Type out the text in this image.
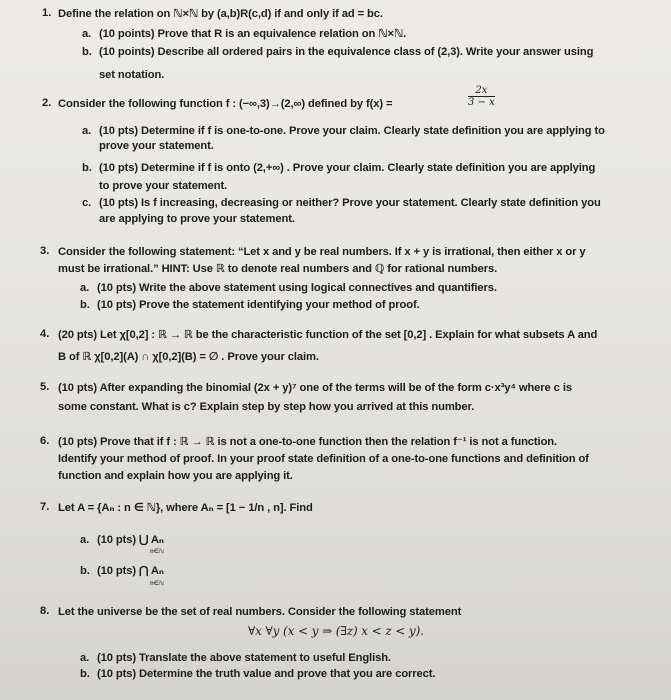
1. Define the relation on ℕ×ℕ by (a,b)R(c,d) if and only if ad = bc.
a. (10 points) Prove that R is an equivalence relation on ℕ×ℕ.
b. (10 points) Describe all ordered pairs in the equivalence class of (2,3). Write your answer using
set notation.
2. Consider the following function f : (−∞,3)→(2,∞) defined by f(x) =	$\frac{2x}{3 - x}$
a. (10 pts) Determine if f is one-to-one. Prove your claim. Clearly state definition you are applying to
prove your statement.
b. (10 pts) Determine if f is onto (2,+∞) . Prove your claim. Clearly state definition you are applying
to prove your statement.
c. (10 pts) Is f increasing, decreasing or neither? Prove your statement. Clearly state definition you
are applying to prove your statement.
3. Consider the following statement: “Let x and y be real numbers. If x + y is irrational, then either x or y
must be irrational.” HINT: Use ℝ to denote real numbers and ℚ for rational numbers.
a. (10 pts) Write the above statement using logical connectives and quantifiers.
b. (10 pts) Prove the statement identifying your method of proof.
4. (20 pts) Let χ[0,2] : ℝ → ℝ be the characteristic function of the set [0,2] . Explain for what subsets A and
B of ℝ χ[0,2](A) ∩ χ[0,2](B) = ∅ . Prove your claim.
5. (10 pts) After expanding the binomial (2x + y)⁷ one of the terms will be of the form c·x³y⁴ where c is
some constant. What is c? Explain step by step how you arrived at this number.
6. (10 pts) Prove that if f : ℝ → ℝ is not a one-to-one function then the relation f⁻¹ is not a function.
Identify your method of proof. In your proof state definition of a one-to-one functions and definition of
function and explain how you are applying it.
7. Let A = {Aₙ : n ∈ ℕ}, where Aₙ = [1 − 1/n , n]. Find
a. (10 pts) ⋃ Aₙ
n∈ℕ
b. (10 pts) ⋂ Aₙ
n∈ℕ
8. Let the universe be the set of real numbers. Consider the following statement
∀x ∀y (x < y ⇒ (∃z) x < z < y).
a. (10 pts) Translate the above statement to useful English.
b. (10 pts) Determine the truth value and prove that you are correct.
